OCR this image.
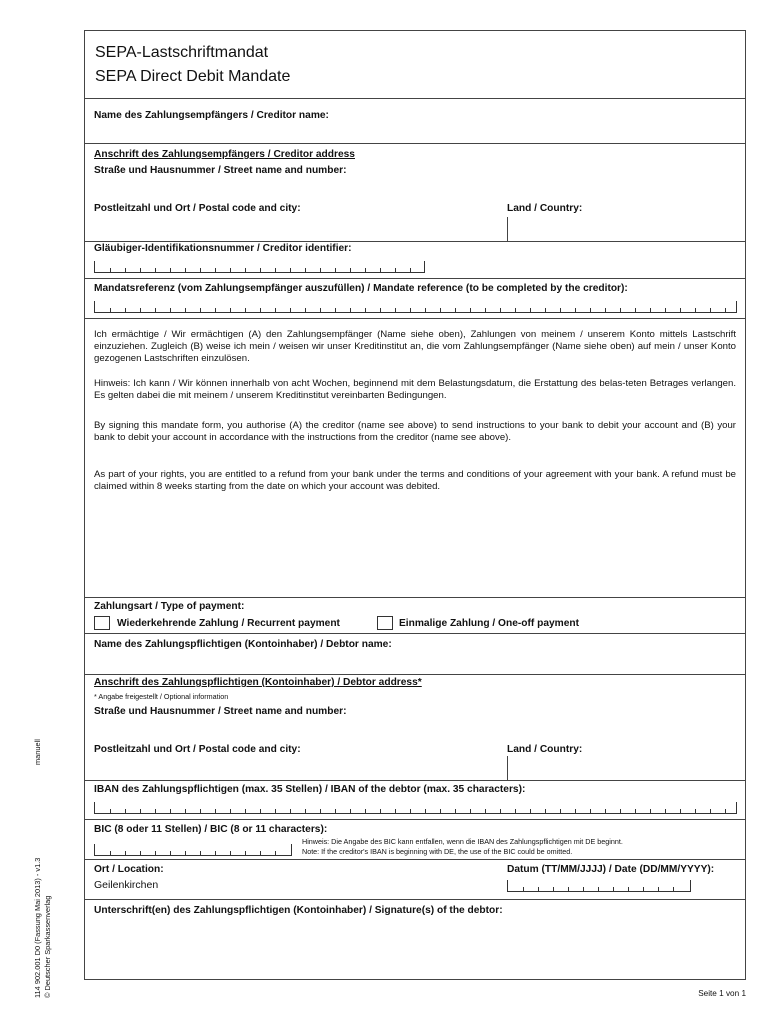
SEPA-Lastschriftmandat
SEPA Direct Debit Mandate
Name des Zahlungsempfängers / Creditor name:
Anschrift des Zahlungsempfängers / Creditor address
Straße und Hausnummer / Street name and number:
Postleitzahl und Ort / Postal code and city:	Land / Country:
Gläubiger-Identifikationsnummer / Creditor identifier:
Mandatsreferenz (vom Zahlungsempfänger auszufüllen) / Mandate reference (to be completed by the creditor):
Ich ermächtige / Wir ermächtigen (A) den Zahlungsempfänger (Name siehe oben), Zahlungen von meinem / unserem Konto mittels Lastschrift einzuziehen. Zugleich (B) weise ich mein / weisen wir unser Kreditinstitut an, die vom Zahlungsempfänger (Name siehe oben) auf mein / unser Konto gezogenen Lastschriften einzulösen.
Hinweis: Ich kann / Wir können innerhalb von acht Wochen, beginnend mit dem Belastungsdatum, die Erstattung des belas-teten Betrages verlangen. Es gelten dabei die mit meinem / unserem Kreditinstitut vereinbarten Bedingungen.
By signing this mandate form, you authorise (A) the creditor (name see above) to send instructions to your bank to debit your account and (B) your bank to debit your account in accordance with the instructions from the creditor (name see above).
As part of your rights, you are entitled to a refund from your bank under the terms and conditions of your agreement with your bank. A refund must be claimed within 8 weeks starting from the date on which your account was debited.
Zahlungsart / Type of payment:
Wiederkehrende Zahlung / Recurrent payment	Einmalige Zahlung / One-off payment
Name des Zahlungspflichtigen (Kontoinhaber) / Debtor name:
Anschrift des Zahlungspflichtigen (Kontoinhaber) / Debtor address*
* Angabe freigestellt / Optional information
Straße und Hausnummer / Street name and number:
Postleitzahl und Ort / Postal code and city:	Land / Country:
IBAN des Zahlungspflichtigen (max. 35 Stellen) / IBAN of the debtor (max. 35 characters):
BIC (8 oder 11 Stellen) / BIC (8 or 11 characters):
Hinweis: Die Angabe des BIC kann entfallen, wenn die IBAN des Zahlungspflichtigen mit DE beginnt.
Note: If the creditor's IBAN is beginning with DE, the use of the BIC could be omitted.
Ort / Location:
Geilenkirchen
Datum (TT/MM/JJJJ) / Date (DD/MM/YYYY):
Unterschrift(en) des Zahlungspflichtigen (Kontoinhaber) / Signature(s) of the debtor:
manuell
114 902.001 D0 (Fassung Mai 2013) - v1.3 © Deutscher Sparkassenverlag	Seite 1 von 1
